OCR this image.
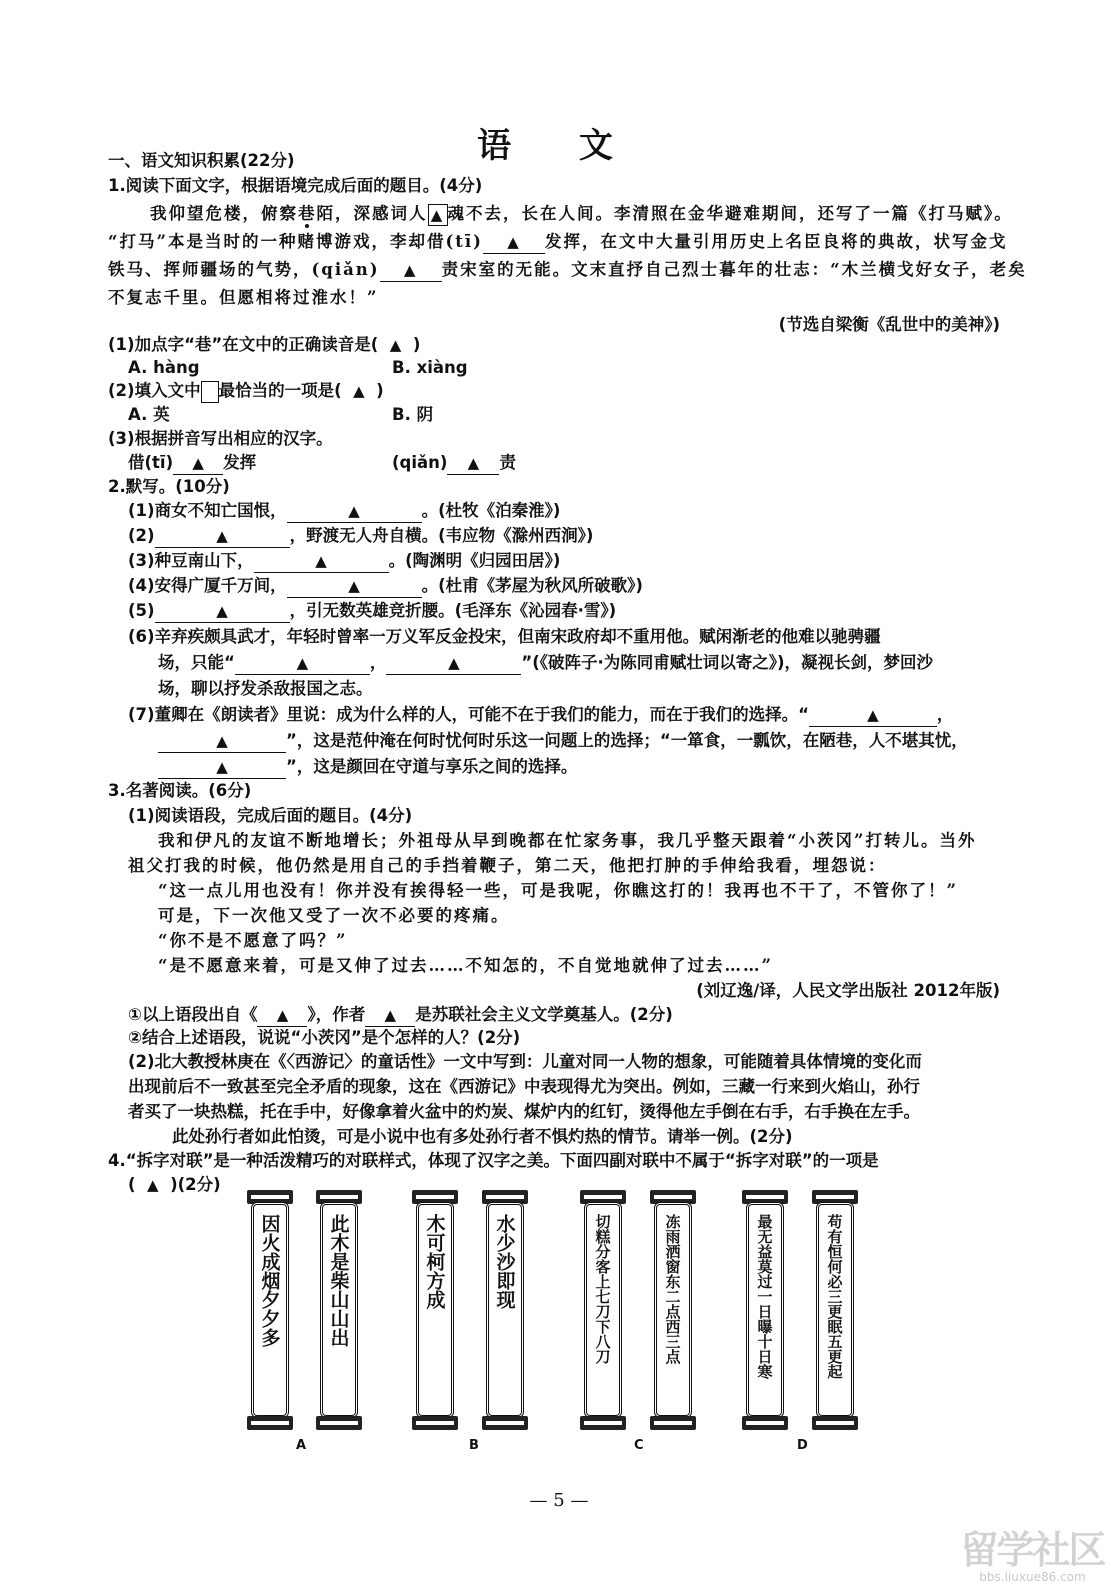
语 文
一、语文知识积累(22分)
1.阅读下面文字，根据语境完成后面的题目。(4分)
我仰望危楼，俯察巷陌，深感词人 ▲ 魂不去，长在人间。李清照在金华避难期间，还写了一篇《打马赋》。
“打马”本是当时的一种赌博游戏，李却借(tī) ▲ 发挥，在文中大量引用历史上名臣良将的典故，状写金戈
铁马、挥师疆场的气势，(qiǎn) ▲ 责宋室的无能。文末直抒自己烈士暮年的壮志：“木兰横戈好女子，老矣
不复志千里。但愿相将过淮水！”
(节选自梁衡《乱世中的美神》)
(1)加点字“巷”在文中的正确读音是( ▲ )
A. hàng	B. xiàng
(2)填入文中 最恰当的一项是( ▲ )
A. 英	B. 阴
(3)根据拼音写出相应的汉字。
借(tī) ▲ 发挥	(qiǎn) ▲ 责
2.默写。(10分)
(1)商女不知亡国恨，	▲	。(杜牧《泊秦淮》)
(2)	▲	，野渡无人舟自横。(韦应物《滁州西涧》)
(3)种豆南山下，	▲	。(陶渊明《归园田居》)
(4)安得广厦千万间，	▲	。(杜甫《茅屋为秋风所破歌》)
(5)	▲	，引无数英雄竞折腰。(毛泽东《沁园春·雪》)
(6)辛弃疾颇具武才，年轻时曾率一万义军反金投宋，但南宋政府却不重用他。赋闲渐老的他难以驰骋疆
场，只能“	▲	，	▲	”(《破阵子·为陈同甫赋壮词以寄之》)，凝视长剑，梦回沙
场，聊以抒发杀敌报国之志。
(7)董卿在《朗读者》里说：成为什么样的人，可能不在于我们的能力，而在于我们的选择。“	▲	，
▲	”，这是范仲淹在何时忧何时乐这一问题上的选择；“一箪食，一瓢饮，在陋巷，人不堪其忧，
▲	”，这是颜回在守道与享乐之间的选择。
3.名著阅读。(6分)
(1)阅读语段，完成后面的题目。(4分)
我和伊凡的友谊不断地增长；外祖母从早到晚都在忙家务事，我几乎整天跟着“小茨冈”打转儿。当外
祖父打我的时候，他仍然是用自己的手挡着鞭子，第二天，他把打肿的手伸给我看，埋怨说：
“这一点儿用也没有！你并没有挨得轻一些，可是我呢，你瞧这打的！我再也不干了，不管你了！”
可是，下一次他又受了一次不必要的疼痛。
“你不是不愿意了吗？”
“是不愿意来着，可是又伸了过去……不知怎的，不自觉地就伸了过去……”
(刘辽逸/译，人民文学出版社 2012年版)
①以上语段出自《 ▲ 》，作者 ▲ 是苏联社会主义文学奠基人。(2分)
②结合上述语段，说说“小茨冈”是个怎样的人？(2分)
(2)北大教授林庚在《〈西游记〉的童话性》一文中写到：儿童对同一人物的想象，可能随着具体情境的变化而
出现前后不一致甚至完全矛盾的现象，这在《西游记》中表现得尤为突出。例如，三藏一行来到火焰山，孙行
者买了一块热糕，托在手中，好像拿着火盆中的灼炭、煤炉内的红钉，烫得他左手倒在右手，右手换在左手。
此处孙行者如此怕烫，可是小说中也有多处孙行者不惧灼热的情节。请举一例。(2分)
4.“拆字对联”是一种活泼精巧的对联样式，体现了汉字之美。下面四副对联中不属于“拆字对联”的一项是
( ▲ )(2分)
因火成烟夕夕多	此木是柴山山出
A
木可柯方成	水少沙即现
B
切糕分客上七刀下八刀	冻雨洒窗东二点西三点
C
最无益莫过一日曝十日寒	苟有恒何必三更眠五更起
D
— 5 —
留学社区
bbs.liuxue86.com
